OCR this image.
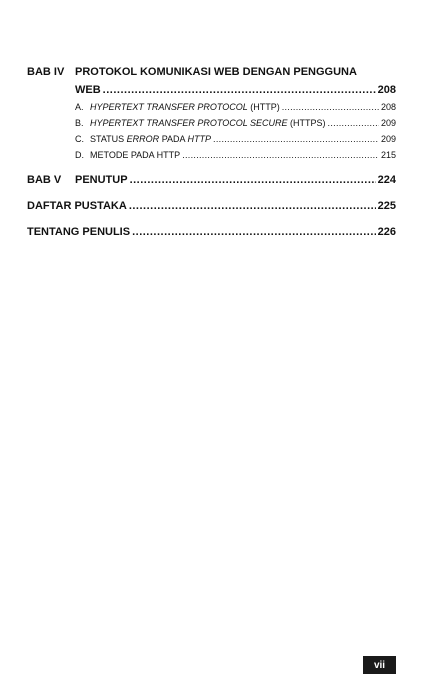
BAB IV PROTOKOL KOMUNIKASI WEB DENGAN PENGGUNA
WEB .....	208
A. HYPERTEXT TRANSFER PROTOCOL (HTTP) .....	208
B. HYPERTEXT TRANSFER PROTOCOL SECURE (HTTPS) .....	209
C. STATUS ERROR PADA HTTP .....	209
D. METODE PADA HTTP .....	215
BAB V	PENUTUP .....	224
DAFTAR PUSTAKA .....	225
TENTANG PENULIS .....	226
vii
